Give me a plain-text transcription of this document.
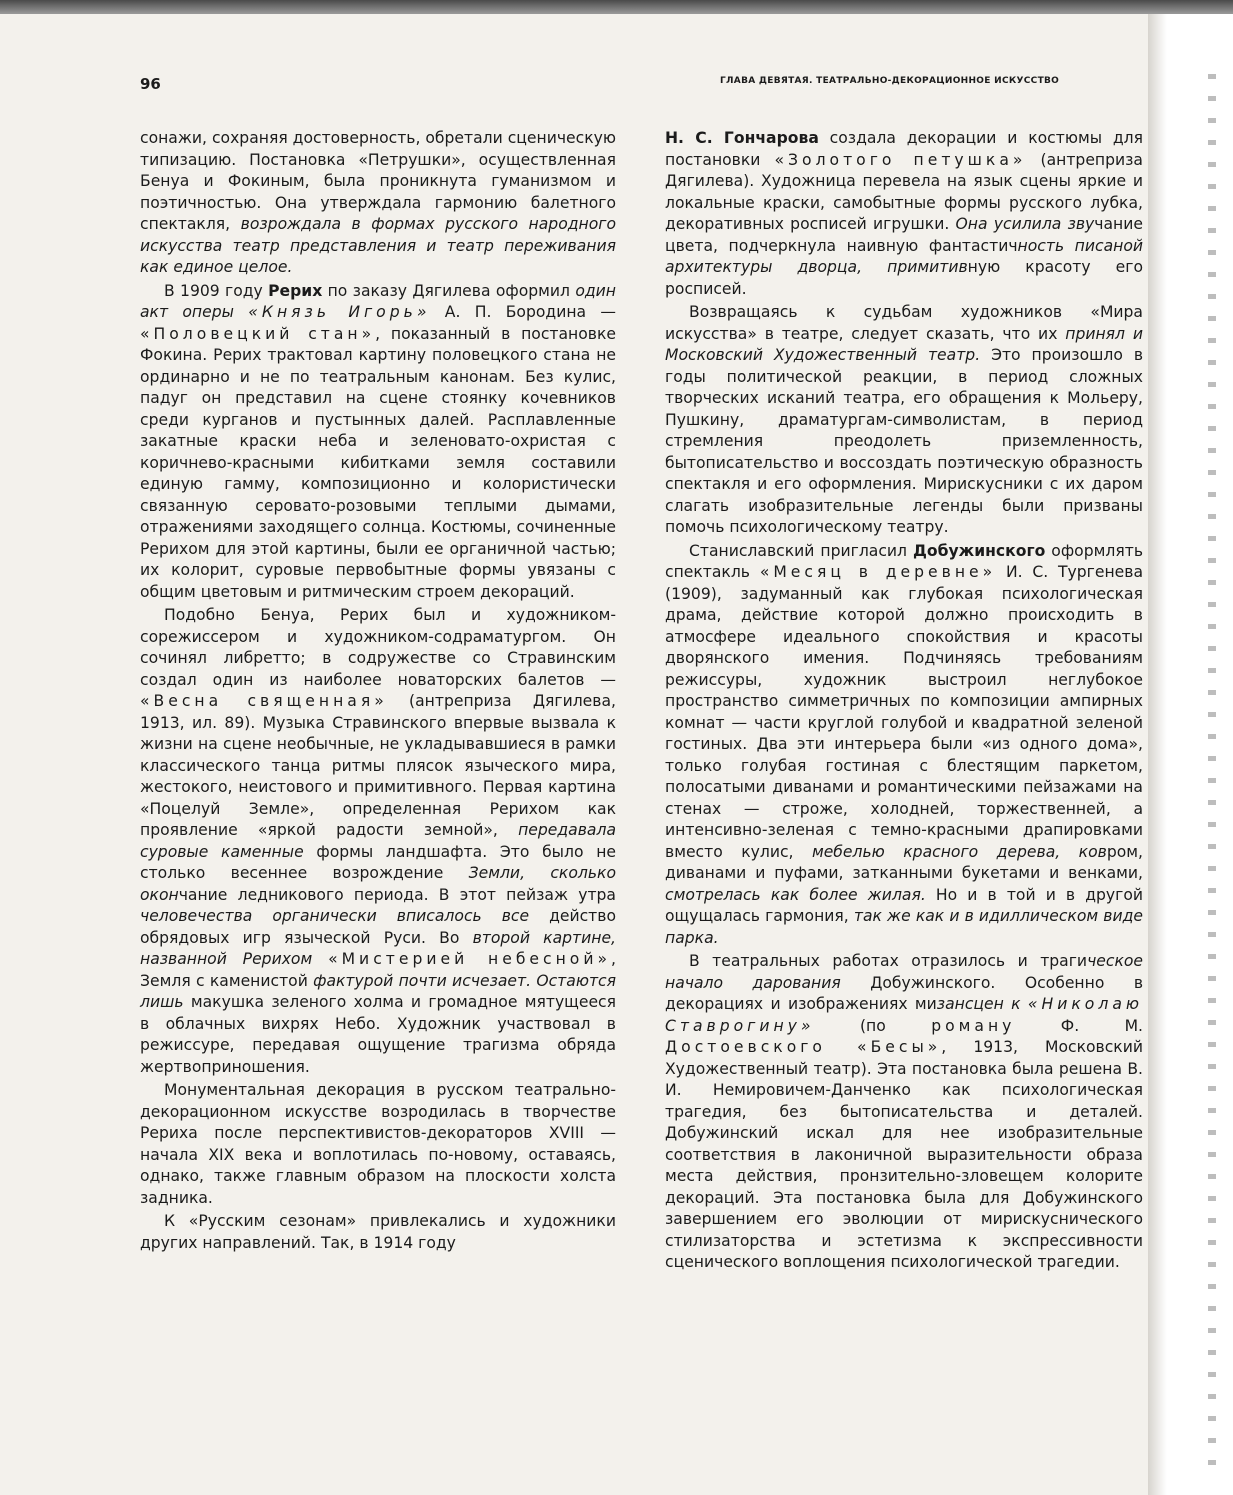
96	ГЛАВА ДЕВЯТАЯ. ТЕАТРАЛЬНО-ДЕКОРАЦИОННОЕ ИСКУССТВО

сонажи, сохраняя достоверность, обретали сценическую типизацию. Постановка «Петрушки», осуществленная Бенуа и Фокиным, была проникнута гуманизмом и поэтичностью. Она утверждала гармонию балетного спектакля, возрождала в формах русского народного искусства театр представления и театр переживания как единое целое.

В 1909 году Рерих по заказу Дягилева оформил один акт оперы «Князь Игорь» А. П. Бородина — «Половецкий стан», показанный в постановке Фокина. Рерих трактовал картину половецкого стана не ординарно и не по театральным канонам. Без кулис, падуг он представил на сцене стоянку кочевников среди курганов и пустынных далей. Расплавленные закатные краски неба и зеленовато-охристая с коричнево-красными кибитками земля составили единую гамму, композиционно и колористически связанную серовато-розовыми теплыми дымами, отражениями заходящего солнца. Костюмы, сочиненные Рерихом для этой картины, были ее органичной частью; их колорит, суровые первобытные формы увязаны с общим цветовым и ритмическим строем декораций.

Подобно Бенуа, Рерих был и художником-сорежиссером и художником-содраматургом. Он сочинял либретто; в содружестве со Стравинским создал один из наиболее новаторских балетов — «Весна священная» (антреприза Дягилева, 1913, ил. 89). Музыка Стравинского впервые вызвала к жизни на сцене необычные, не укладывавшиеся в рамки классического танца ритмы плясок языческого мира, жестокого, неистового и примитивного. Первая картина «Поцелуй Земле», определенная Рерихом как проявление «яркой радости земной», передавала суровые каменные формы ландшафта. Это было не столько весеннее возрождение Земли, сколько окончание ледникового периода. В этот пейзаж утра человечества органически вписалось все действо обрядовых игр языческой Руси. Во второй картине, названной Рерихом «Мистерией небесной», Земля с каменистой фактурой почти исчезает. Остаются лишь макушка зеленого холма и громадное мятущееся в облачных вихрях Небо. Художник участвовал в режиссуре, передавая ощущение трагизма обряда жертвоприношения.

Монументальная декорация в русском театрально-декорационном искусстве возродилась в творчестве Рериха после перспективистов-декораторов XVIII — начала XIX века и воплотилась по-новому, оставаясь, однако, также главным образом на плоскости холста задника.

К «Русским сезонам» привлекались и художники других направлений. Так, в 1914 году

Н. С. Гончарова создала декорации и костюмы для постановки «Золотого петушка» (антреприза Дягилева). Художница перевела на язык сцены яркие и локальные краски, самобытные формы русского лубка, декоративных росписей игрушки. Она усилила звучание цвета, подчеркнула наивную фантастичность писаной архитектуры дворца, примитивную красоту его росписей.

Возвращаясь к судьбам художников «Мира искусства» в театре, следует сказать, что их принял и Московский Художественный театр. Это произошло в годы политической реакции, в период сложных творческих исканий театра, его обращения к Мольеру, Пушкину, драматургам-символистам, в период стремления преодолеть приземленность, бытописательство и воссоздать поэтическую образность спектакля и его оформления. Мирискусники с их даром слагать изобразительные легенды были призваны помочь психологическому театру.

Станиславский пригласил Добужинского оформлять спектакль «Месяц в деревне» И. С. Тургенева (1909), задуманный как глубокая психологическая драма, действие которой должно происходить в атмосфере идеального спокойствия и красоты дворянского имения. Подчиняясь требованиям режиссуры, художник выстроил неглубокое пространство симметричных по композиции ампирных комнат — части круглой голубой и квадратной зеленой гостиных. Два эти интерьера были «из одного дома», только голубая гостиная с блестящим паркетом, полосатыми диванами и романтическими пейзажами на стенах — строже, холодней, торжественней, а интенсивно-зеленая с темно-красными драпировками вместо кулис, мебелью красного дерева, ковром, диванами и пуфами, затканными букетами и венками, смотрелась как более жилая. Но и в той и в другой ощущалась гармония, так же как и в идиллическом виде парка.

В театральных работах отразилось и трагическое начало дарования Добужинского. Особенно в декорациях и изображениях мизансцен к «Николаю Ставрогину» (по роману Ф. М. Достоевского «Бесы», 1913, Московский Художественный театр). Эта постановка была решена В. И. Немировичем-Данченко как психологическая трагедия, без бытописательства и деталей. Добужинский искал для нее изобразительные соответствия в лаконичной выразительности образа места действия, пронзительно-зловещем колорите декораций. Эта постановка была для Добужинского завершением его эволюции от мирискуснического стилизаторства и эстетизма к экспрессивности сценического воплощения психологической трагедии.
